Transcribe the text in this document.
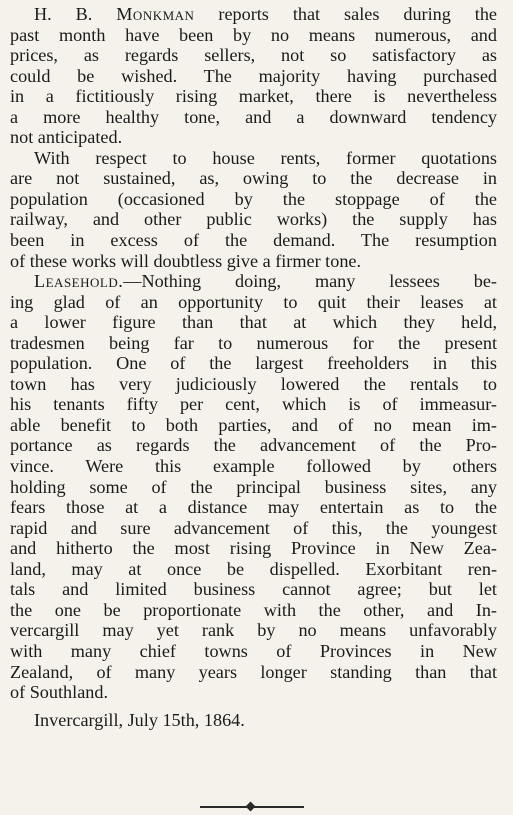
H. B. Monkman reports that sales during the
past month have been by no means numerous, and
prices, as regards sellers, not so satisfactory as
could be wished. The majority having purchased
in a fictitiously rising market, there is nevertheless
a more healthy tone, and a downward tendency
not anticipated.
With respect to house rents, former quotations
are not sustained, as, owing to the decrease in
population (occasioned by the stoppage of the
railway, and other public works) the supply has
been in excess of the demand. The resumption
of these works will doubtless give a firmer tone.
Leasehold.—Nothing doing, many lessees be-
ing glad of an opportunity to quit their leases at
a lower figure than that at which they held,
tradesmen being far to numerous for the present
population. One of the largest freeholders in this
town has very judiciously lowered the rentals to
his tenants fifty per cent, which is of immeasur-
able benefit to both parties, and of no mean im-
portance as regards the advancement of the Pro-
vince. Were this example followed by others
holding some of the principal business sites, any
fears those at a distance may entertain as to the
rapid and sure advancement of this, the youngest
and hitherto the most rising Province in New Zea-
land, may at once be dispelled. Exorbitant ren-
tals and limited business cannot agree; but let
the one be proportionate with the other, and In-
vercargill may yet rank by no means unfavorably
with many chief towns of Provinces in New
Zealand, of many years longer standing than that
of Southland.
Invercargill, July 15th, 1864.
